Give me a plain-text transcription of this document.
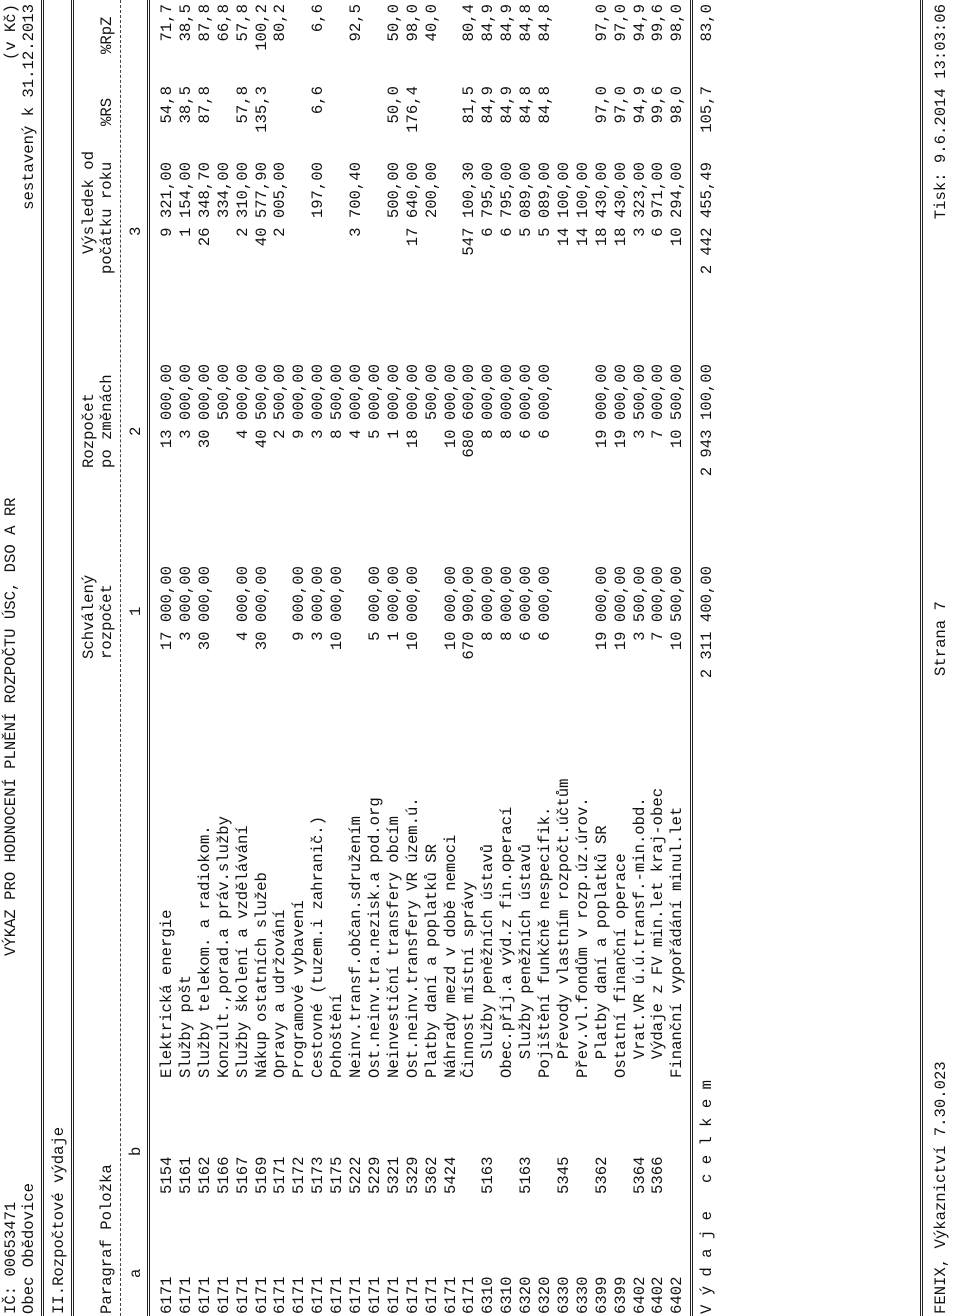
IČ: 00653471

VÝKAZ PRO HODNOCENÍ PLNĚNÍ ROZPOČTU ÚSC, DSO A RR

(v Kč)

Obec Obědovice

sestavený k 31.12.2013

II.Rozpočtové výdaje

Schválený

Rozpočet

Výsledek od

Paragraf Položka

rozpočet

po změnách

počátku roku

%RS

%RpZ

a

b

1

2

3

6171
5154
Elektrická energie
17 000,00
13 000,00
9 321,00
54,8
71,7
6171
5161
Služby pošt
3 000,00
3 000,00
1 154,00
38,5
38,5
6171
5162
Služby telekom. a radiokom.
30 000,00
30 000,00
26 348,70
87,8
87,8
6171
5166
Konzult.,porad.a práv.služby
500,00
334,00
66,8
6171
5167
Služby školení a vzdělávání
4 000,00
4 000,00
2 310,00
57,8
57,8
6171
5169
Nákup ostatních služeb
30 000,00
40 500,00
40 577,90
135,3
100,2
6171
5171
Opravy a udržování
2 500,00
2 005,00
80,2
6171
5172
Programové vybavení
9 000,00
9 000,00
6171
5173
Cestovné (tuzem.i zahranič.)
3 000,00
3 000,00
197,00
6,6
6,6
6171
5175
Pohoštění
10 000,00
8 500,00
6171
5222
Neinv.transf.občan.sdružením
4 000,00
3 700,40
92,5
6171
5229
Ost.neinv.tra.nezisk.a pod.org
5 000,00
5 000,00
6171
5321
Neinvestiční transfery obcím
1 000,00
1 000,00
500,00
50,0
50,0
6171
5329
Ost.neinv.transfery VR územ.ú.
10 000,00
18 000,00
17 640,00
176,4
98,0
6171
5362
Platby daní a poplatků SR
500,00
200,00
40,0
6171
5424
Náhrady mezd v době nemoci
10 000,00
10 000,00
6171
Činnost místní správy
670 900,00
680 600,00
547 100,30
81,5
80,4
6310
5163
Služby peněžních ústavů
8 000,00
8 000,00
6 795,00
84,9
84,9
6310
Obec.příj.a výd.z fin.operací
8 000,00
8 000,00
6 795,00
84,9
84,9
6320
5163
Služby peněžních ústavů
6 000,00
6 000,00
5 089,00
84,8
84,8
6320
Pojištění funkčně nespecifik.
6 000,00
6 000,00
5 089,00
84,8
84,8
6330
5345
Převody vlastním rozpočt.účtům
14 100,00
6330
Přev.vl.fondům v rozp.úz.úrov.
14 100,00
6399
5362
Platby daní a poplatků SR
19 000,00
19 000,00
18 430,00
97,0
97,0
6399
Ostatní finanční operace
19 000,00
19 000,00
18 430,00
97,0
97,0
6402
5364
Vrat.VR ú.ú.transf.-min.obd.
3 500,00
3 500,00
3 323,00
94,9
94,9
6402
5366
Výdaje z FV min.let kraj-obec
7 000,00
7 000,00
6 971,00
99,6
99,6
6402
Finanční vypořádání minul.let
10 500,00
10 500,00
10 294,00
98,0
98,0

V ý d a j e   c e l k e m

2 311 400,00

2 943 100,00

2 442 455,49

105,7

83,0

FENIX, Výkaznictví 7.30.023

Strana 7

Tisk: 9.6.2014 13:03:06
